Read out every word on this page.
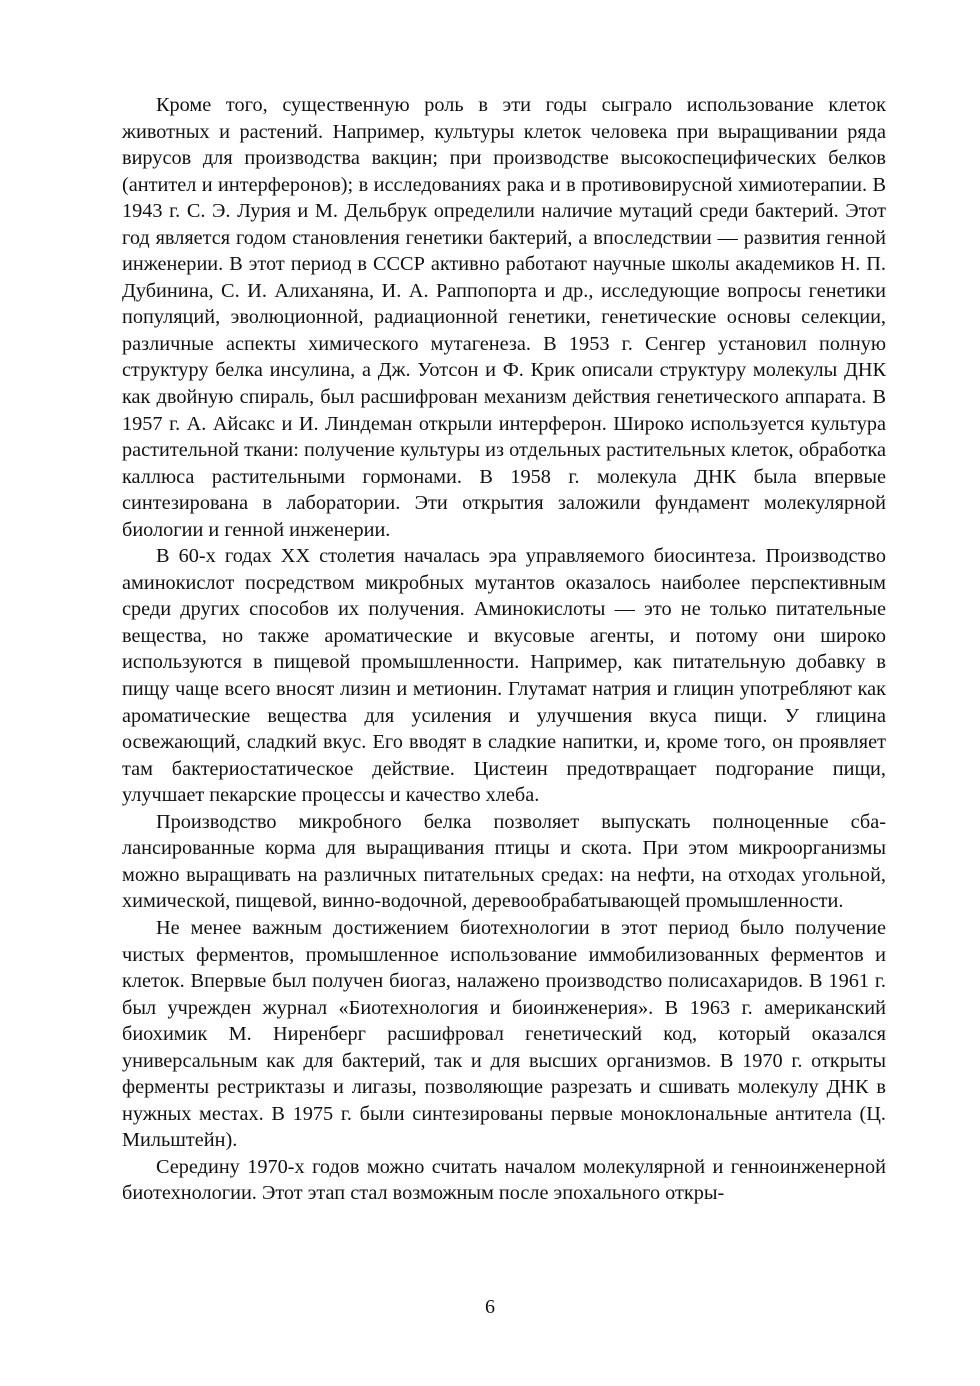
Кроме того, существенную роль в эти годы сыграло использование клеток животных и растений. Например, культуры клеток человека при выращивании ряда вирусов для производства вакцин; при производстве высокоспецифических белков (антител и интерферонов); в исследованиях рака и в противовирусной химиотерапии. В 1943 г. С. Э. Лурия и М. Дельбрук определили наличие мутаций среди бактерий. Этот год является годом становления генетики бактерий, а впоследствии — развития генной инженерии. В этот период в СССР активно работают научные школы академиков Н. П. Дубинина, С. И. Алиханяна, И. А. Раппопорта и др., исследующие вопросы генетики популяций, эволюционной, радиационной генетики, генетические основы селекции, различные аспекты химического мутагенеза. В 1953 г. Сенгер установил полную структуру белка инсулина, а Дж. Уотсон и Ф. Крик описали структуру молекулы ДНК как двойную спираль, был расшифрован механизм действия генетического аппарата. В 1957 г. А. Айсакс и И. Линдеман открыли интерферон. Широко используется культура растительной ткани: получение культуры из отдельных растительных клеток, обработка каллюса растительными гормонами. В 1958 г. молекула ДНК была впервые синтезирована в лаборатории. Эти открытия заложили фундамент молекулярной биологии и генной инженерии.

В 60-х годах XX столетия началась эра управляемого биосинтеза. Производство аминокислот посредством микробных мутантов оказалось наиболее перспективным среди других способов их получения. Аминокислоты — это не только питательные вещества, но также ароматические и вкусовые агенты, и потому они широко используются в пищевой промышленности. Например, как питательную добавку в пищу чаще всего вносят лизин и метионин. Глутамат натрия и глицин употребляют как ароматические вещества для усиления и улучшения вкуса пищи. У глицина освежающий, сладкий вкус. Его вводят в сладкие напитки, и, кроме того, он проявляет там бактериостатическое действие. Цистеин предотвращает подгорание пищи, улучшает пекарские процессы и качество хлеба.

Производство микробного белка позволяет выпускать полноценные сбалансированные корма для выращивания птицы и скота. При этом микроорганизмы можно выращивать на различных питательных средах: на нефти, на отходах угольной, химической, пищевой, винно-водочной, деревообрабатывающей промышленности.

Не менее важным достижением биотехнологии в этот период было получение чистых ферментов, промышленное использование иммобилизованных ферментов и клеток. Впервые был получен биогаз, налажено производство полисахаридов. В 1961 г. был учрежден журнал «Биотехнология и биоинженерия». В 1963 г. американский биохимик М. Ниренберг расшифровал генетический код, который оказался универсальным как для бактерий, так и для высших организмов. В 1970 г. открыты ферменты рестриктазы и лигазы, позволяющие разрезать и сшивать молекулу ДНК в нужных местах. В 1975 г. были синтезированы первые моноклональные антитела (Ц. Мильштейн).

Середину 1970-х годов можно считать началом молекулярной и генноинженерной биотехнологии. Этот этап стал возможным после эпохального откры-

6
